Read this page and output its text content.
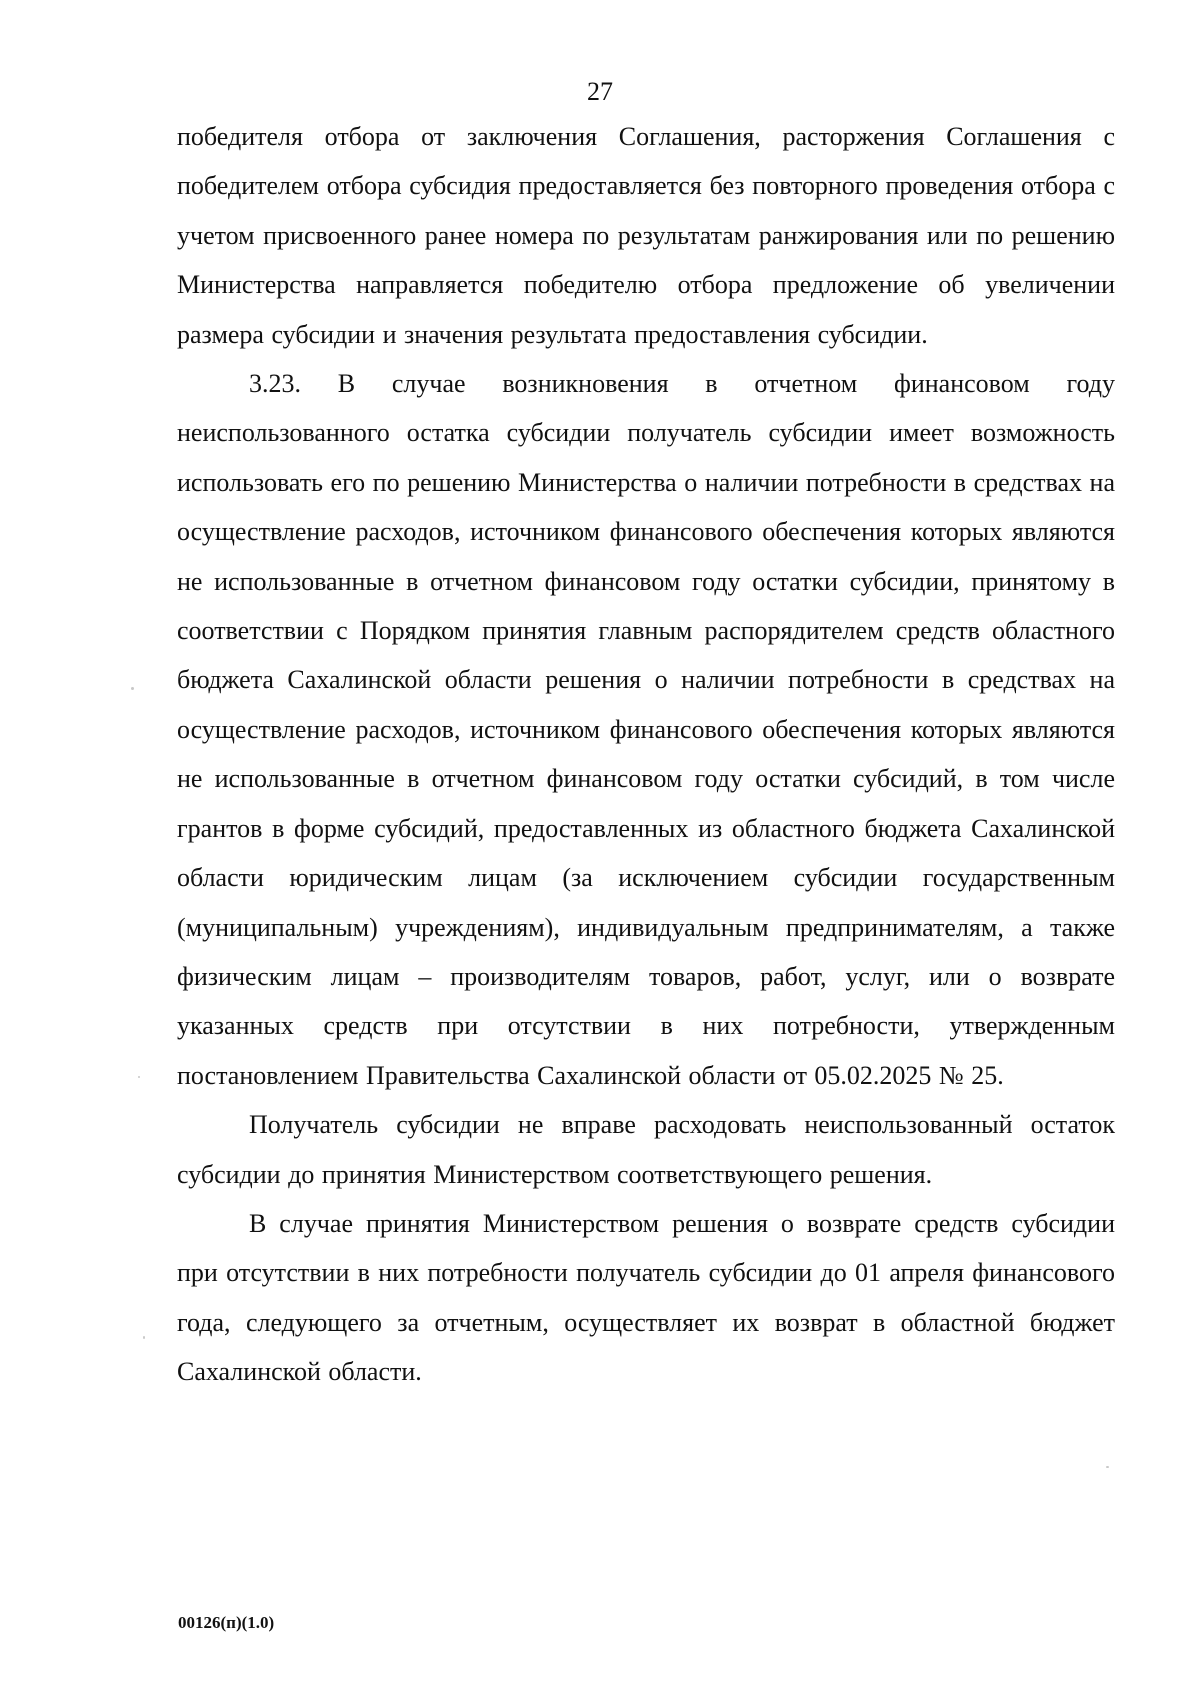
27

победителя отбора от заключения Соглашения, расторжения Соглашения с победителем отбора субсидия предоставляется без повторного проведения отбора с учетом присвоенного ранее номера по результатам ранжирования или по решению Министерства направляется победителю отбора предложение об увеличении размера субсидии и значения результата предоставления субсидии.

3.23. В случае возникновения в отчетном финансовом году неиспользованного остатка субсидии получатель субсидии имеет возможность использовать его по решению Министерства о наличии потребности в средствах на осуществление расходов, источником финансового обеспечения которых являются не использованные в отчетном финансовом году остатки субсидии, принятому в соответствии с Порядком принятия главным распорядителем средств областного бюджета Сахалинской области решения о наличии потребности в средствах на осуществление расходов, источником финансового обеспечения которых являются не использованные в отчетном финансовом году остатки субсидий, в том числе грантов в форме субсидий, предоставленных из областного бюджета Сахалинской области юридическим лицам (за исключением субсидии государственным (муниципальным) учреждениям), индивидуальным предпринимателям, а также физическим лицам – производителям товаров, работ, услуг, или о возврате указанных средств при отсутствии в них потребности, утвержденным постановлением Правительства Сахалинской области от 05.02.2025 № 25.

Получатель субсидии не вправе расходовать неиспользованный остаток субсидии до принятия Министерством соответствующего решения.

В случае принятия Министерством решения о возврате средств субсидии при отсутствии в них потребности получатель субсидии до 01 апреля финансового года, следующего за отчетным, осуществляет их возврат в областной бюджет Сахалинской области.

00126(п)(1.0)
